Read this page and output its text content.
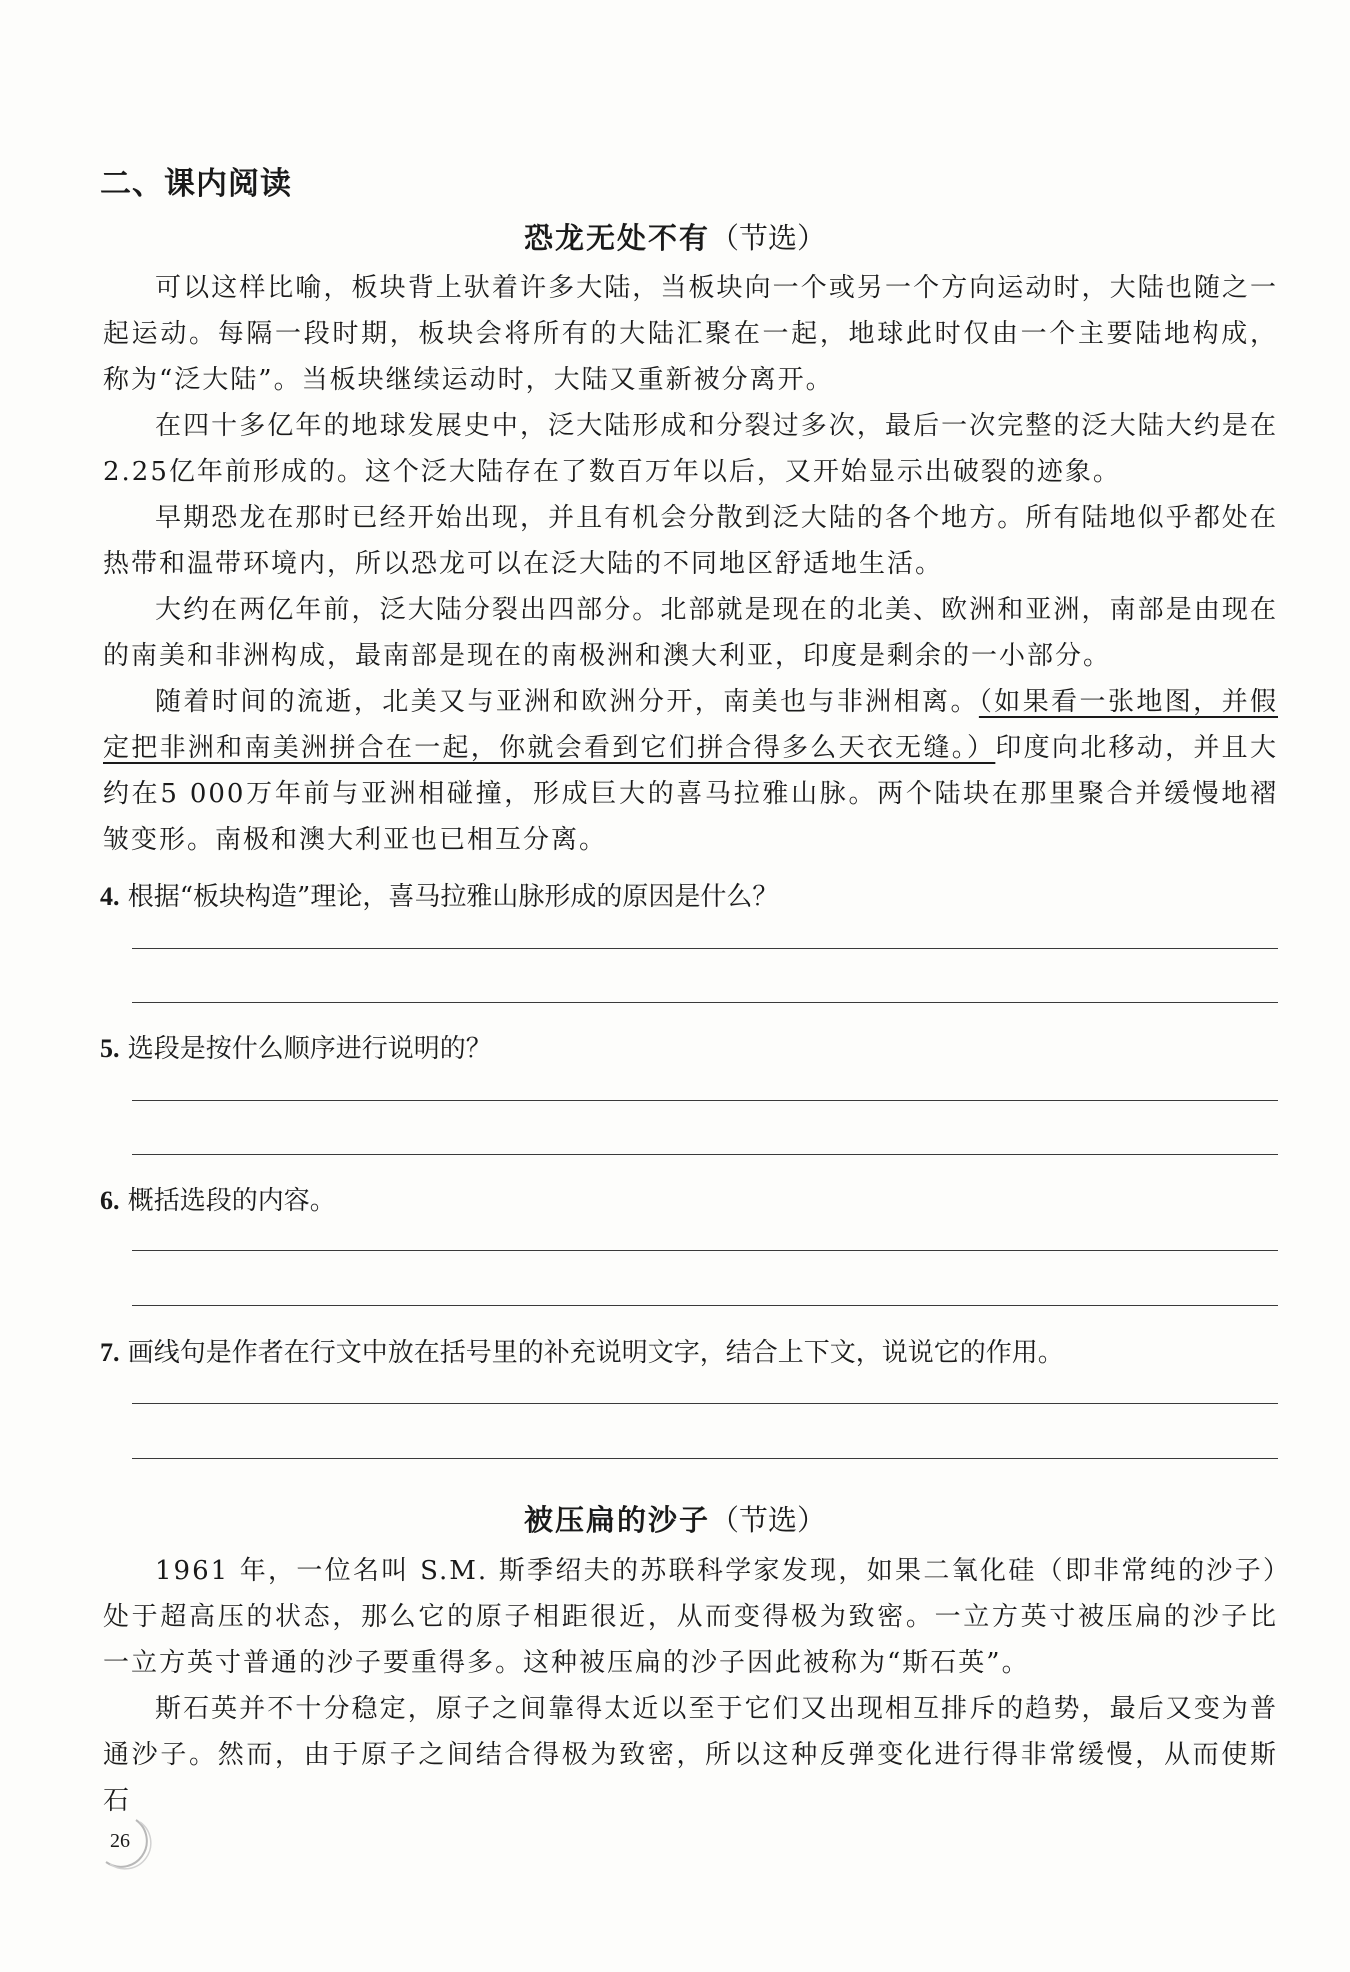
二、课内阅读
恐龙无处不有（节选）

可以这样比喻，板块背上驮着许多大陆，当板块向一个或另一个方向运动时，大陆也随之一起运动。每隔一段时期，板块会将所有的大陆汇聚在一起，地球此时仅由一个主要陆地构成，称为“泛大陆”。当板块继续运动时，大陆又重新被分离开。

在四十多亿年的地球发展史中，泛大陆形成和分裂过多次，最后一次完整的泛大陆大约是在2.25亿年前形成的。这个泛大陆存在了数百万年以后，又开始显示出破裂的迹象。

早期恐龙在那时已经开始出现，并且有机会分散到泛大陆的各个地方。所有陆地似乎都处在热带和温带环境内，所以恐龙可以在泛大陆的不同地区舒适地生活。

大约在两亿年前，泛大陆分裂出四部分。北部就是现在的北美、欧洲和亚洲，南部是由现在的南美和非洲构成，最南部是现在的南极洲和澳大利亚，印度是剩余的一小部分。

随着时间的流逝，北美又与亚洲和欧洲分开，南美也与非洲相离。（如果看一张地图，并假定把非洲和南美洲拼合在一起，你就会看到它们拼合得多么天衣无缝。）印度向北移动，并且大约在5 000万年前与亚洲相碰撞，形成巨大的喜马拉雅山脉。两个陆块在那里聚合并缓慢地褶皱变形。南极和澳大利亚也已相互分离。

4. 根据“板块构造”理论，喜马拉雅山脉形成的原因是什么？
5. 选段是按什么顺序进行说明的？
6. 概括选段的内容。
7. 画线句是作者在行文中放在括号里的补充说明文字，结合上下文，说说它的作用。
被压扁的沙子（节选）

1961 年，一位名叫 S.M. 斯季绍夫的苏联科学家发现，如果二氧化硅（即非常纯的沙子）处于超高压的状态，那么它的原子相距很近，从而变得极为致密。一立方英寸被压扁的沙子比一立方英寸普通的沙子要重得多。这种被压扁的沙子因此被称为“斯石英”。

斯石英并不十分稳定，原子之间靠得太近以至于它们又出现相互排斥的趋势，最后又变为普通沙子。然而，由于原子之间结合得极为致密，所以这种反弹变化进行得非常缓慢，从而使斯石

26
